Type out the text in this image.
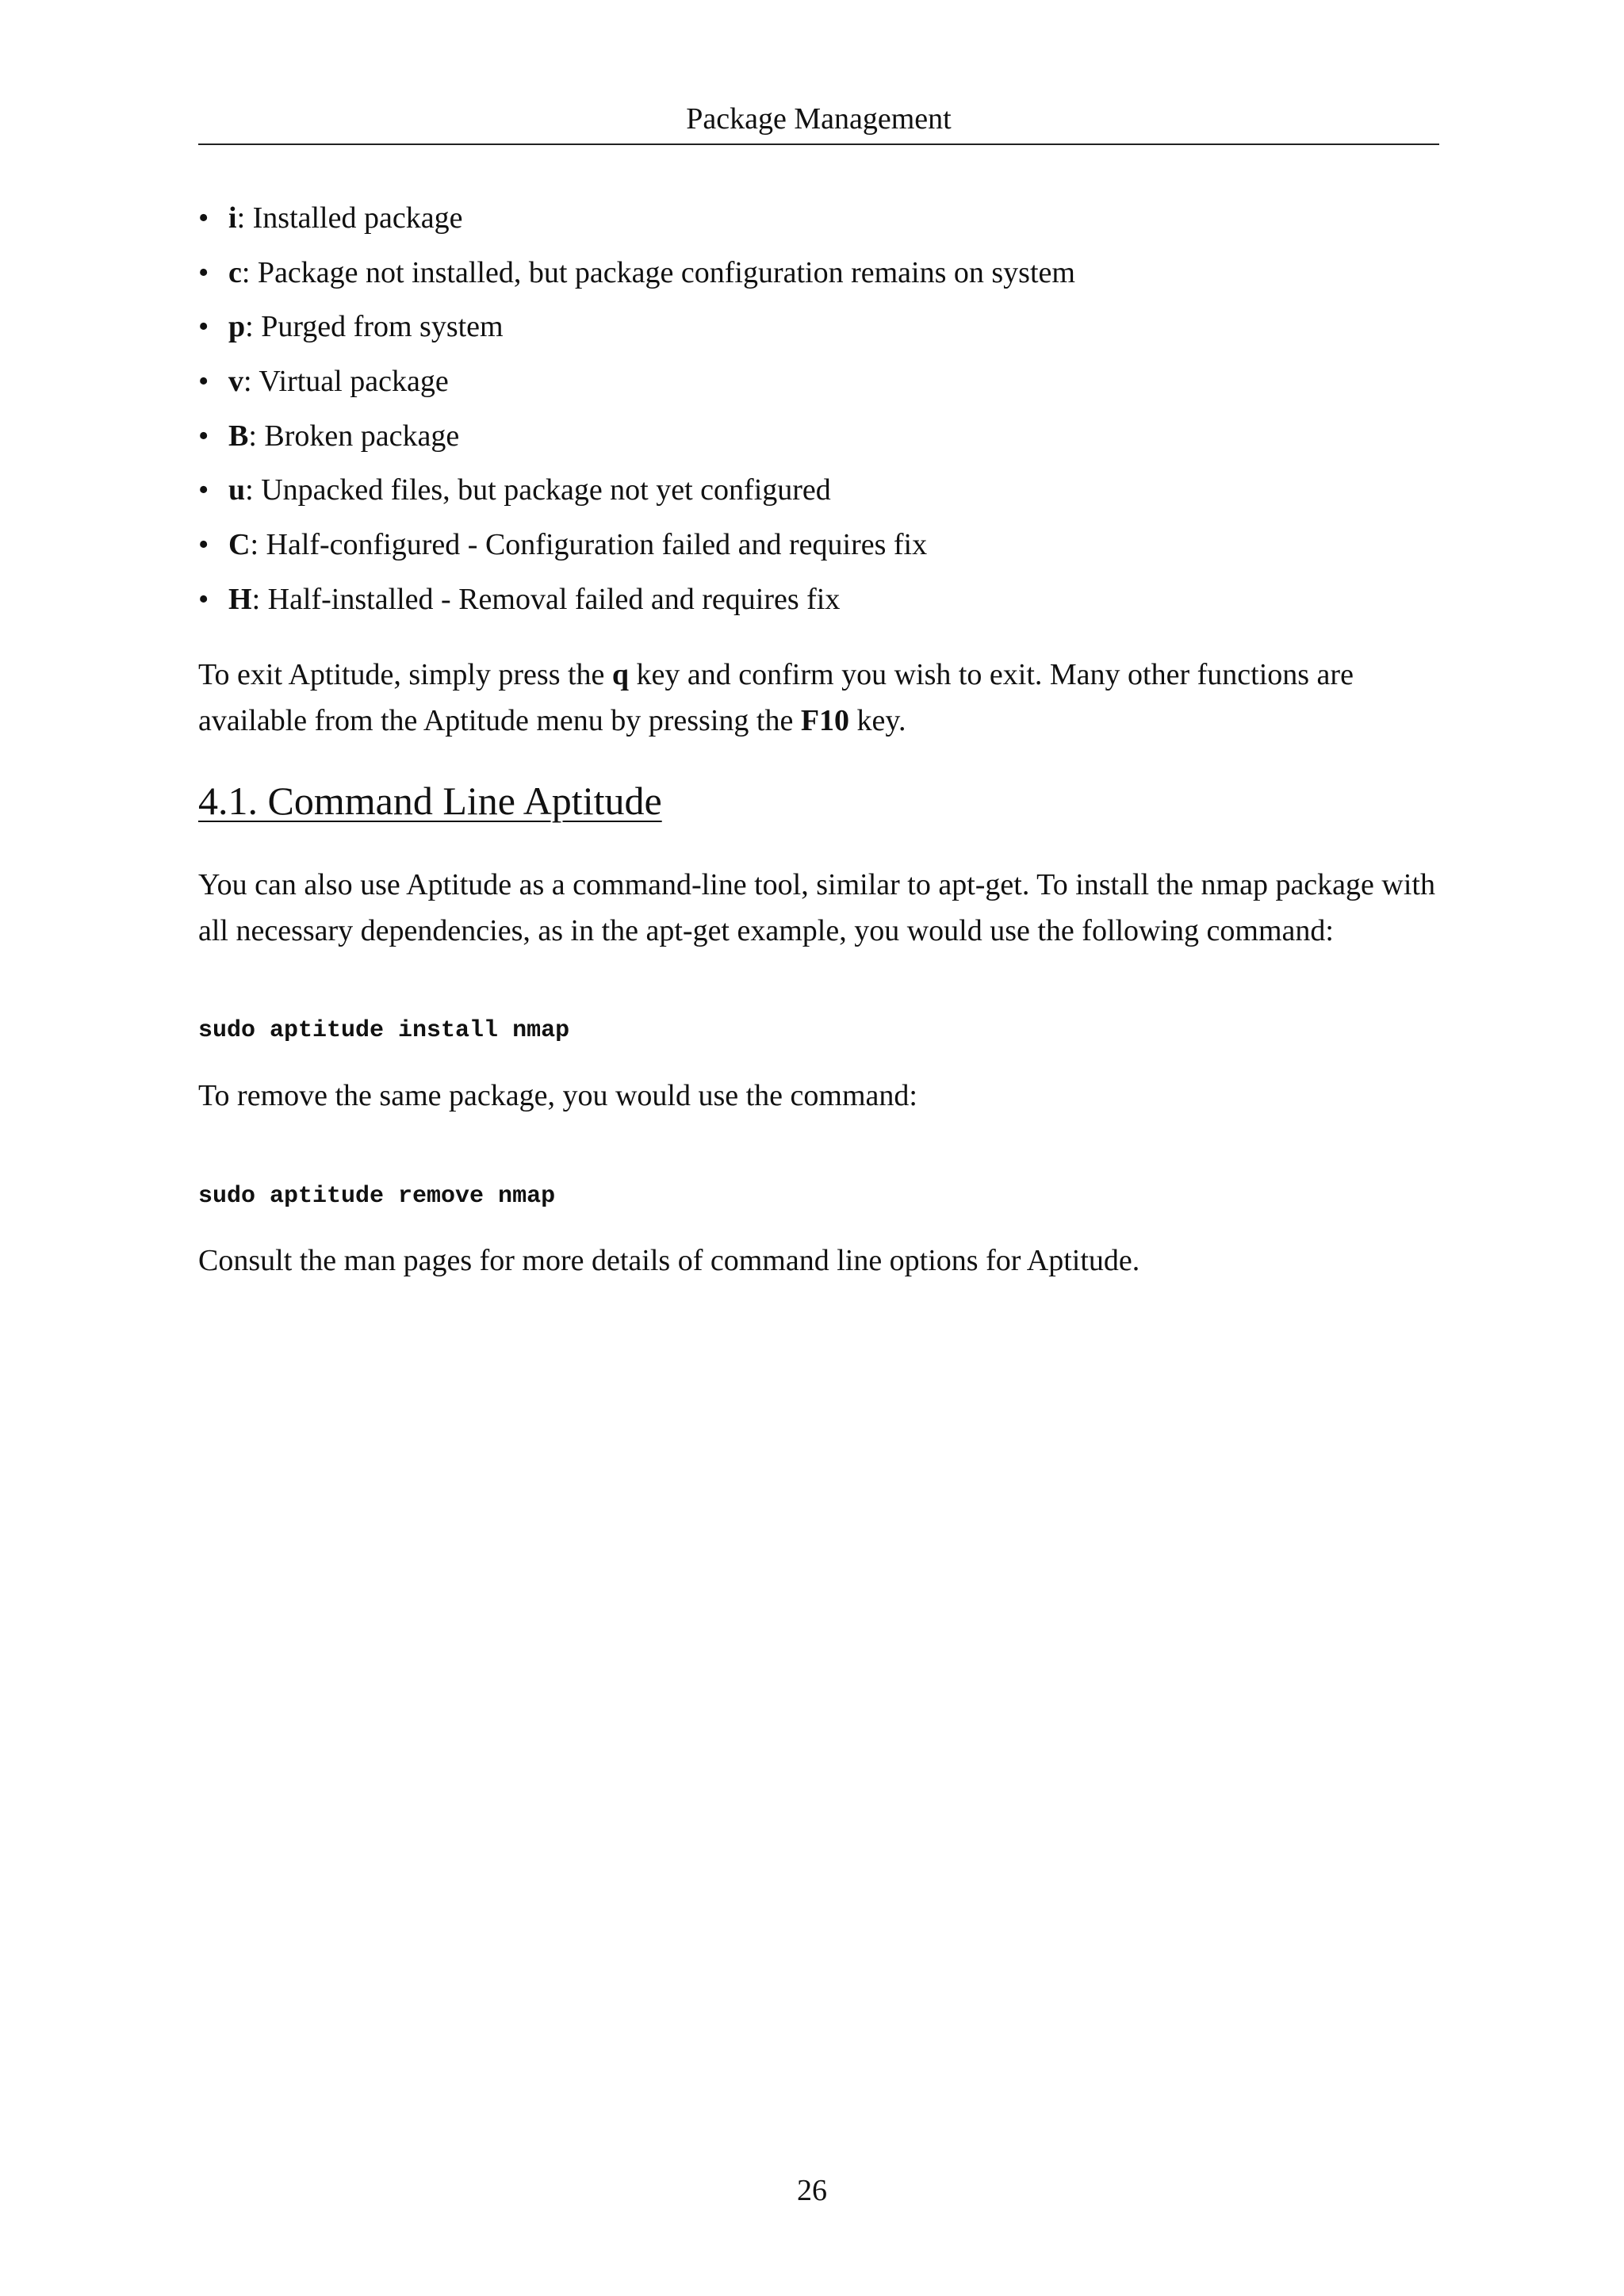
Package Management
• i: Installed package
• c: Package not installed, but package configuration remains on system
• p: Purged from system
• v: Virtual package
• B: Broken package
• u: Unpacked files, but package not yet configured
• C: Half-configured - Configuration failed and requires fix
• H: Half-installed - Removal failed and requires fix

To exit Aptitude, simply press the q key and confirm you wish to exit. Many other functions are available from the Aptitude menu by pressing the F10 key.

4.1. Command Line Aptitude

You can also use Aptitude as a command-line tool, similar to apt-get. To install the nmap package with all necessary dependencies, as in the apt-get example, you would use the following command:

sudo aptitude install nmap

To remove the same package, you would use the command:

sudo aptitude remove nmap

Consult the man pages for more details of command line options for Aptitude.

26
